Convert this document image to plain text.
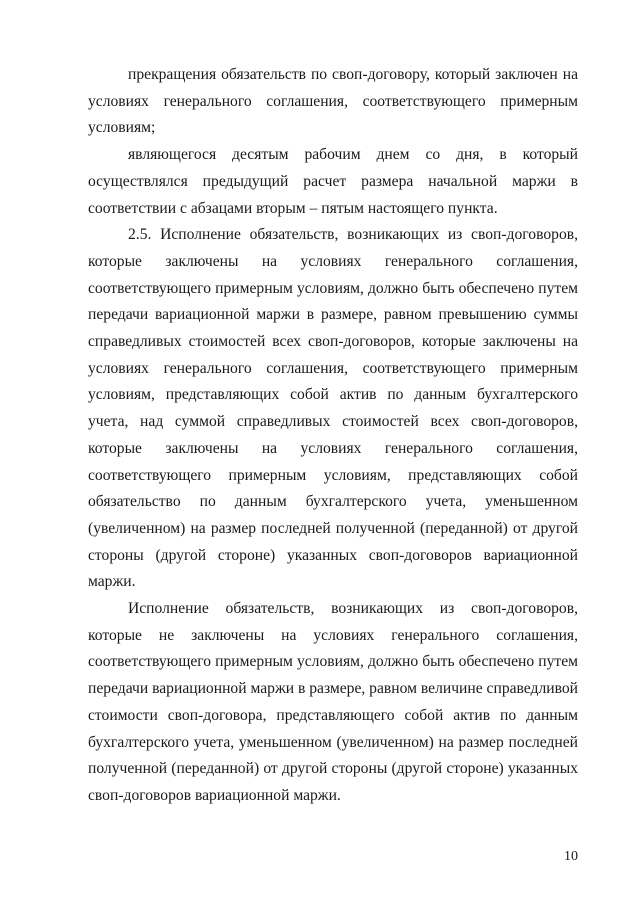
прекращения обязательств по своп-договору, который заключен на условиях генерального соглашения, соответствующего примерным условиям;

являющегося десятым рабочим днем со дня, в который осуществлялся предыдущий расчет размера начальной маржи в соответствии с абзацами вторым – пятым настоящего пункта.

2.5. Исполнение обязательств, возникающих из своп-договоров, которые заключены на условиях генерального соглашения, соответствующего примерным условиям, должно быть обеспечено путем передачи вариационной маржи в размере, равном превышению суммы справедливых стоимостей всех своп-договоров, которые заключены на условиях генерального соглашения, соответствующего примерным условиям, представляющих собой актив по данным бухгалтерского учета, над суммой справедливых стоимостей всех своп-договоров, которые заключены на условиях генерального соглашения, соответствующего примерным условиям, представляющих собой обязательство по данным бухгалтерского учета, уменьшенном (увеличенном) на размер последней полученной (переданной) от другой стороны (другой стороне) указанных своп-договоров вариационной маржи.

Исполнение обязательств, возникающих из своп-договоров, которые не заключены на условиях генерального соглашения, соответствующего примерным условиям, должно быть обеспечено путем передачи вариационной маржи в размере, равном величине справедливой стоимости своп-договора, представляющего собой актив по данным бухгалтерского учета, уменьшенном (увеличенном) на размер последней полученной (переданной) от другой стороны (другой стороне) указанных своп-договоров вариационной маржи.

10
